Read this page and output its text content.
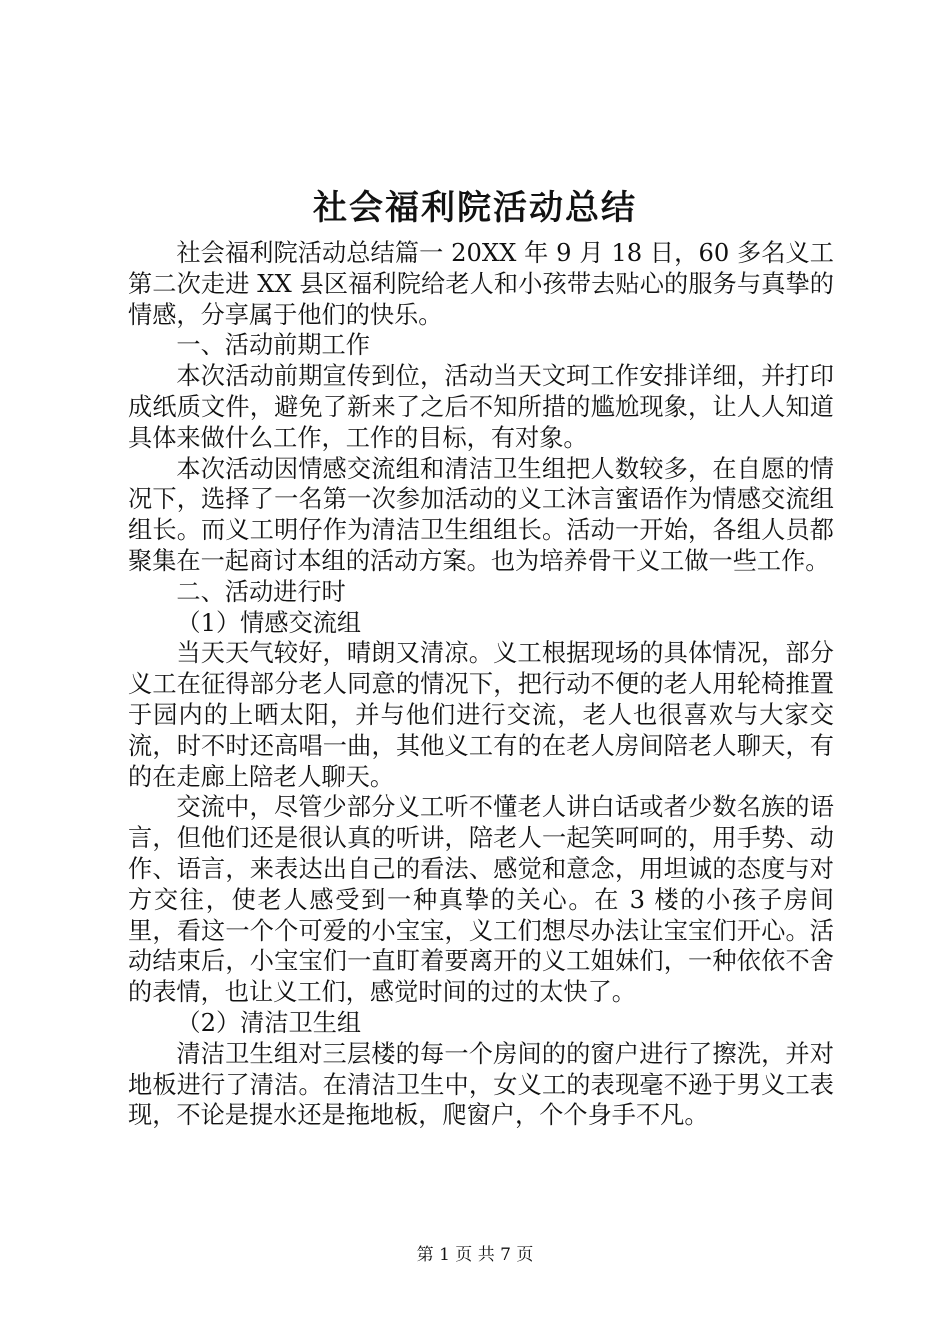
社会福利院活动总结

社会福利院活动总结篇一 20XX 年 9 月 18 日，60 多名义工第二次走进 XX 县区福利院给老人和小孩带去贴心的服务与真挚的情感，分享属于他们的快乐。

一、活动前期工作

本次活动前期宣传到位，活动当天文珂工作安排详细，并打印成纸质文件，避免了新来了之后不知所措的尴尬现象，让人人知道具体来做什么工作，工作的目标，有对象。

本次活动因情感交流组和清洁卫生组把人数较多，在自愿的情况下，选择了一名第一次参加活动的义工沐言蜜语作为情感交流组组长。而义工明仔作为清洁卫生组组长。活动一开始，各组人员都聚集在一起商讨本组的活动方案。也为培养骨干义工做一些工作。

二、活动进行时

（1）情感交流组

当天天气较好，晴朗又清凉。义工根据现场的具体情况，部分义工在征得部分老人同意的情况下，把行动不便的老人用轮椅推置于园内的上晒太阳，并与他们进行交流，老人也很喜欢与大家交流，时不时还高唱一曲，其他义工有的在老人房间陪老人聊天，有的在走廊上陪老人聊天。

交流中，尽管少部分义工听不懂老人讲白话或者少数名族的语言，但他们还是很认真的听讲，陪老人一起笑呵呵的，用手势、动作、语言，来表达出自己的看法、感觉和意念，用坦诚的态度与对方交往，使老人感受到一种真挚的关心。在 3 楼的小孩子房间里，看这一个个可爱的小宝宝，义工们想尽办法让宝宝们开心。活动结束后，小宝宝们一直盯着要离开的义工姐妹们，一种依依不舍的表情，也让义工们，感觉时间的过的太快了。

（2）清洁卫生组

清洁卫生组对三层楼的每一个房间的的窗户进行了擦洗，并对地板进行了清洁。在清洁卫生中，女义工的表现毫不逊于男义工表现，不论是提水还是拖地板，爬窗户，个个身手不凡。

第 1 页 共 7 页
